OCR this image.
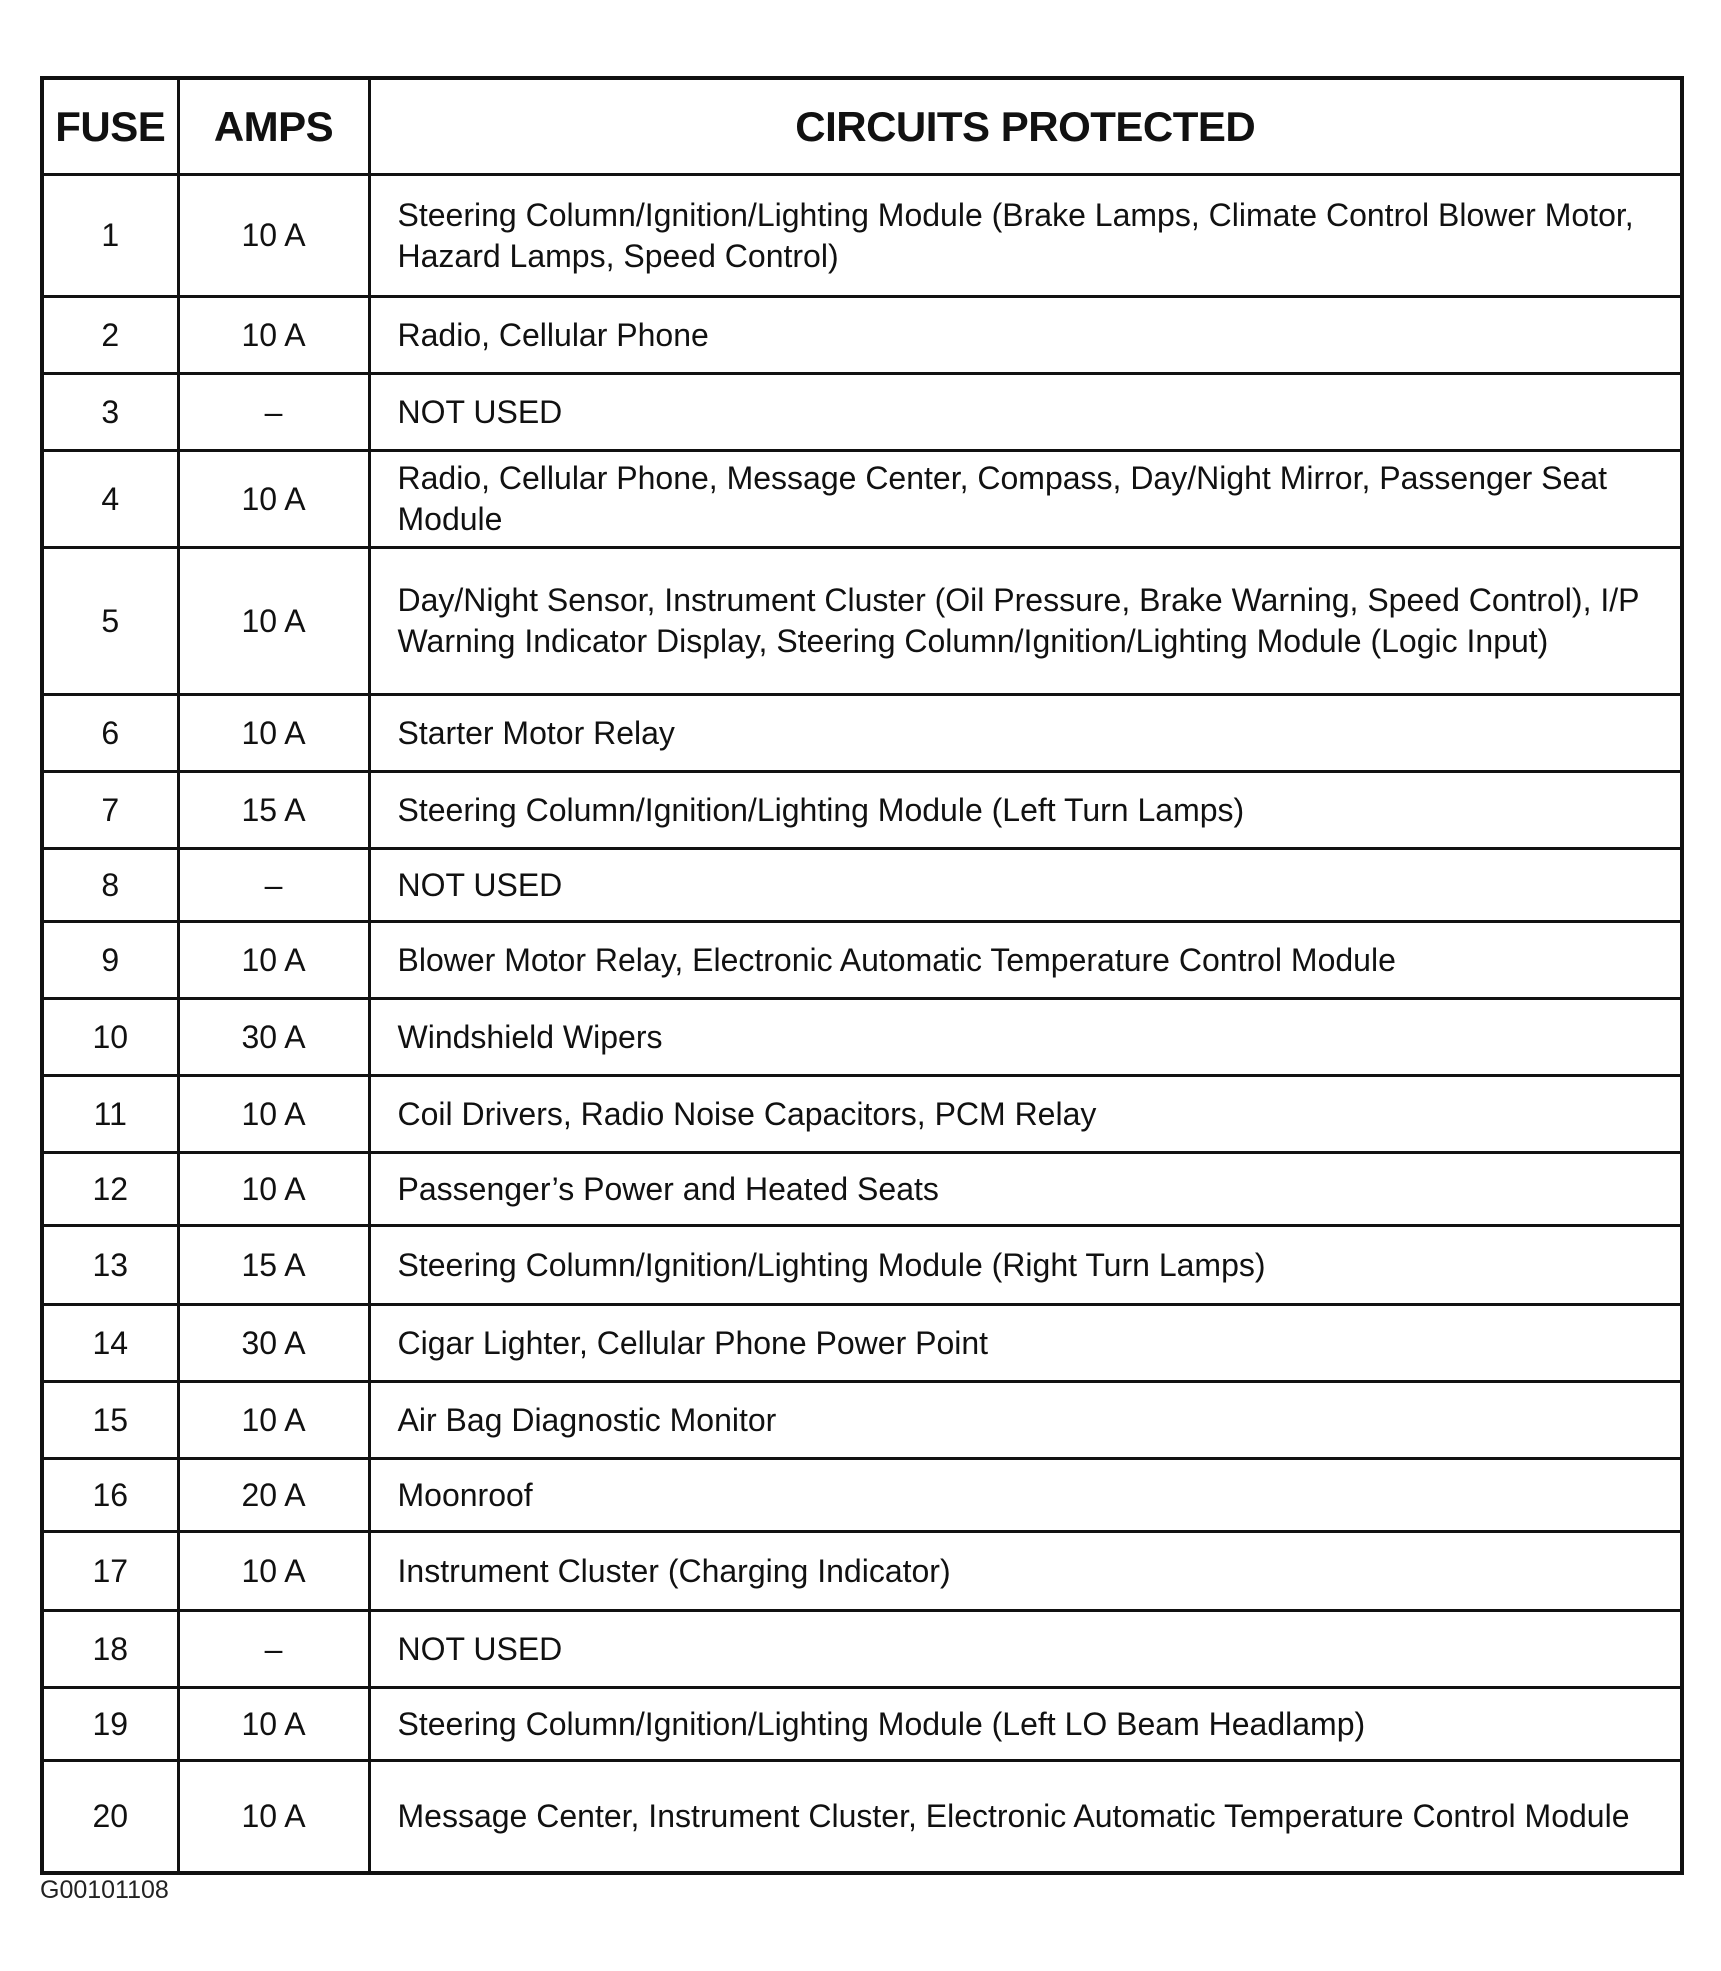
FUSE	AMPS	CIRCUITS PROTECTED
1	10 A	Steering Column/Ignition/Lighting Module (Brake Lamps, Climate Control Blower Motor, Hazard Lamps, Speed Control)
2	10 A	Radio, Cellular Phone
3	–	NOT USED
4	10 A	Radio, Cellular Phone, Message Center, Compass, Day/Night Mirror, Passenger Seat Module
5	10 A	Day/Night Sensor, Instrument Cluster (Oil Pressure, Brake Warning, Speed Control), I/P Warning Indicator Display, Steering Column/Ignition/Lighting Module (Logic Input)
6	10 A	Starter Motor Relay
7	15 A	Steering Column/Ignition/Lighting Module (Left Turn Lamps)
8	–	NOT USED
9	10 A	Blower Motor Relay, Electronic Automatic Temperature Control Module
10	30 A	Windshield Wipers
11	10 A	Coil Drivers, Radio Noise Capacitors, PCM Relay
12	10 A	Passenger’s Power and Heated Seats
13	15 A	Steering Column/Ignition/Lighting Module (Right Turn Lamps)
14	30 A	Cigar Lighter, Cellular Phone Power Point
15	10 A	Air Bag Diagnostic Monitor
16	20 A	Moonroof
17	10 A	Instrument Cluster (Charging Indicator)
18	–	NOT USED
19	10 A	Steering Column/Ignition/Lighting Module (Left LO Beam Headlamp)
20	10 A	Message Center, Instrument Cluster, Electronic Automatic Temperature Control Module
G00101108
